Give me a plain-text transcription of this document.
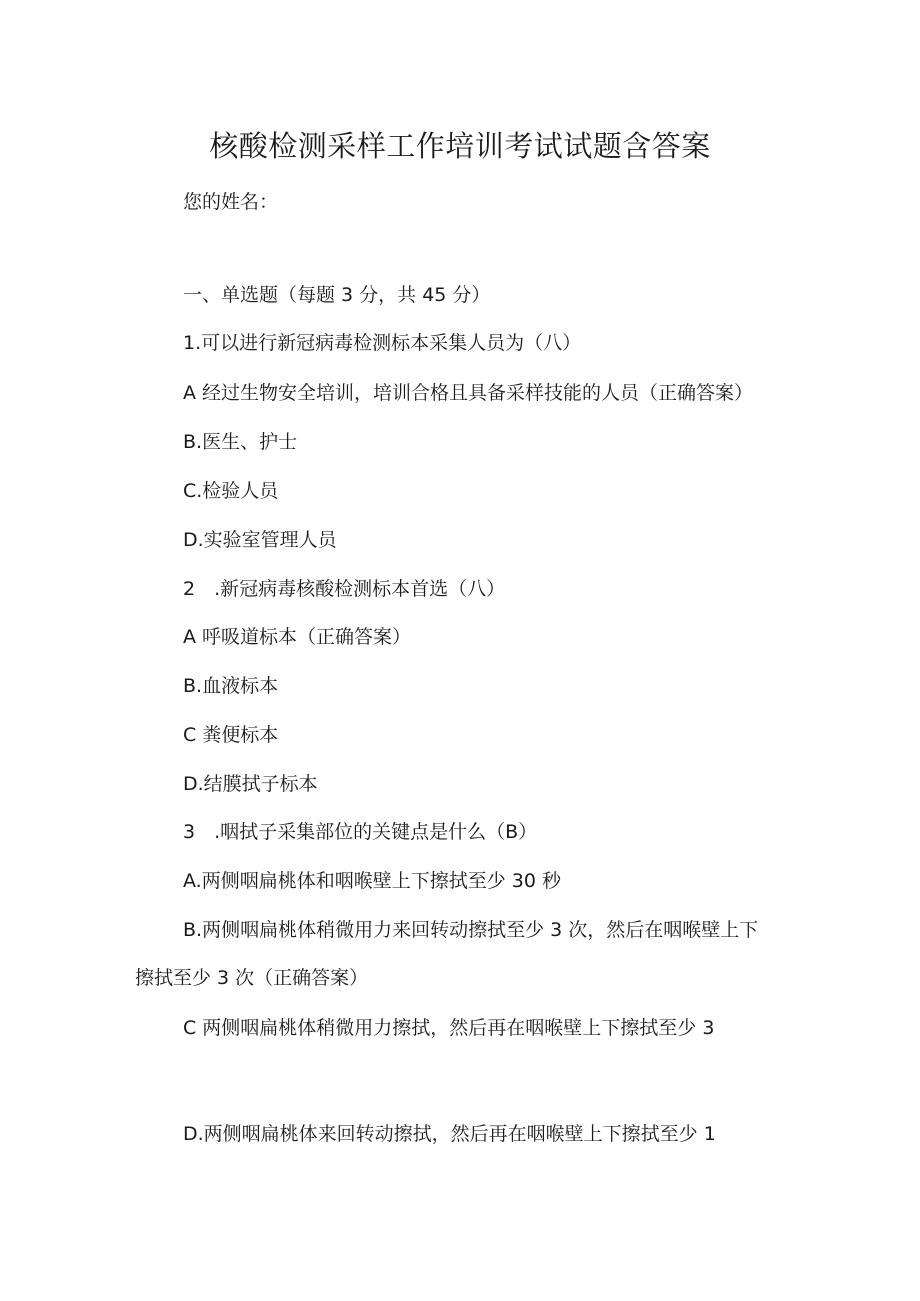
核酸检测采样工作培训考试试题含答案

您的姓名：

一、单选题（每题 3 分，共 45 分）

1.可以进行新冠病毒检测标本采集人员为（八）

A 经过生物安全培训，培训合格且具备采样技能的人员（正确答案）

B.医生、护士

C.检验人员

D.实验室管理人员

2　.新冠病毒核酸检测标本首选（八）

A 呼吸道标本（正确答案）

B.血液标本

C 粪便标本

D.结膜拭子标本

3　.咽拭子采集部位的关键点是什么（B）

A.两侧咽扁桃体和咽喉壁上下擦拭至少 30 秒

B.两侧咽扁桃体稍微用力来回转动擦拭至少 3 次，然后在咽喉壁上下

擦拭至少 3 次（正确答案）

C 两侧咽扁桃体稍微用力擦拭，然后再在咽喉壁上下擦拭至少 3

D.两侧咽扁桃体来回转动擦拭，然后再在咽喉壁上下擦拭至少 1
